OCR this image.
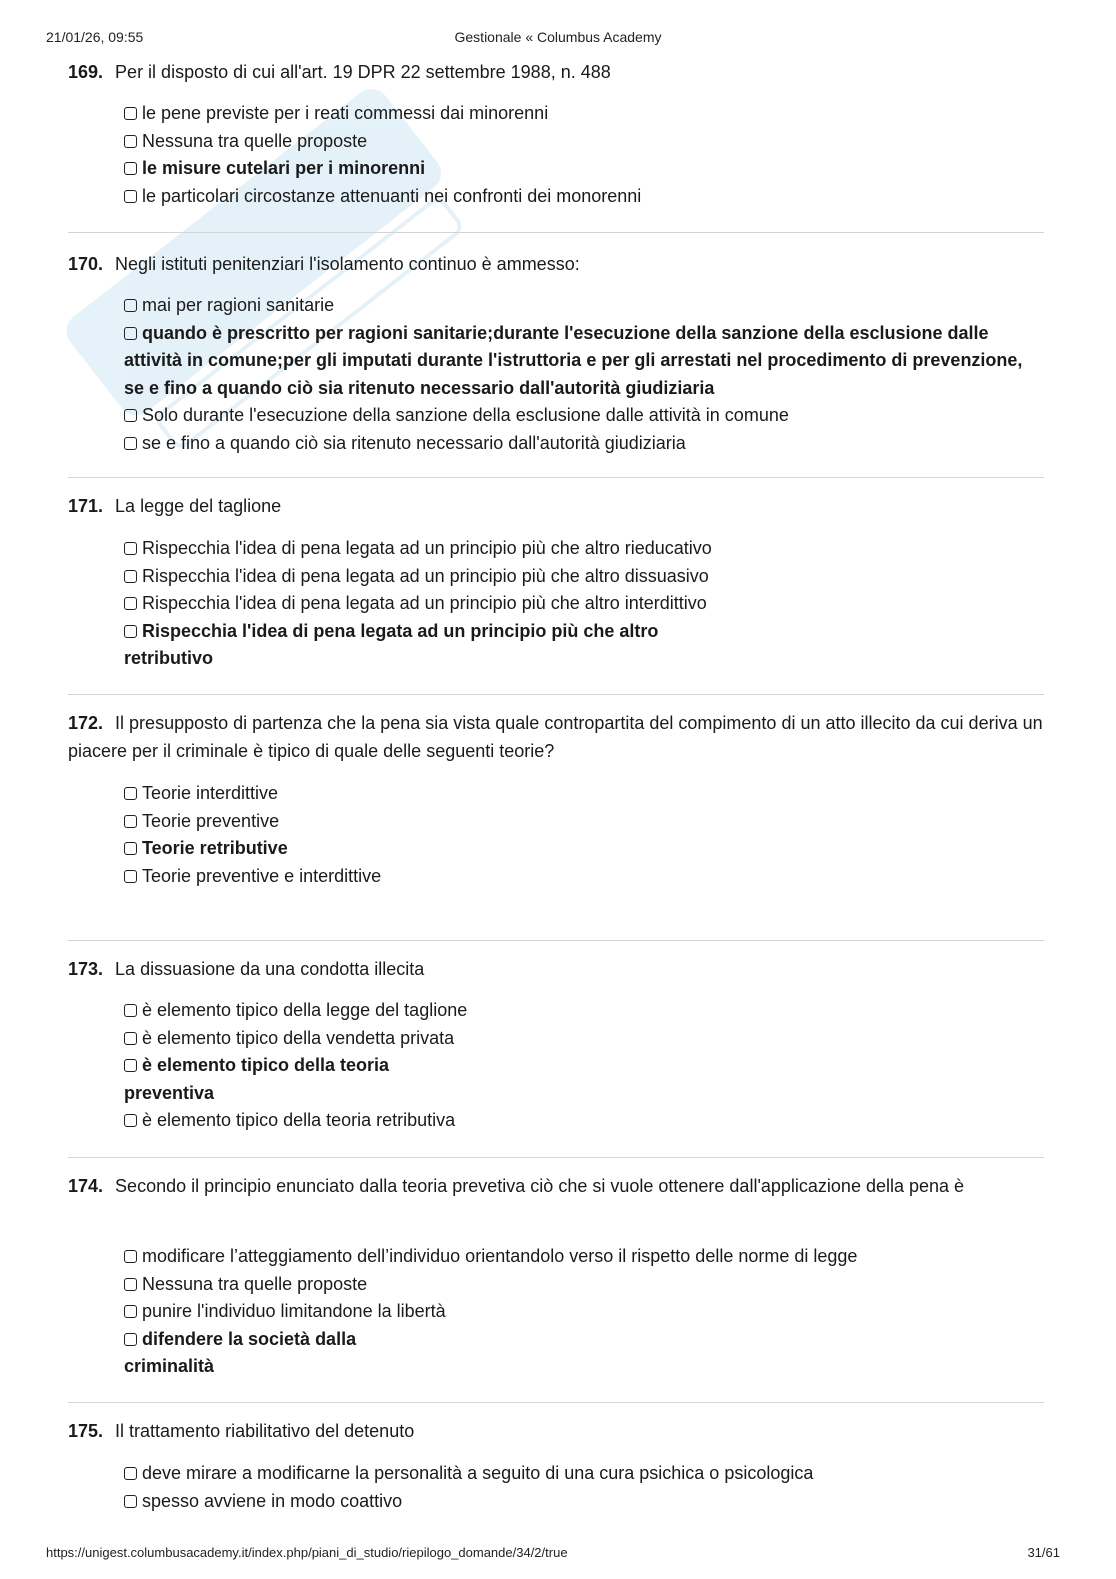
21/01/26, 09:55	Gestionale « Columbus Academy
169. Per il disposto di cui all'art. 19 DPR 22 settembre 1988, n. 488
le pene previste per i reati commessi dai minorenni
Nessuna tra quelle proposte
le misure cutelari per i minorenni
le particolari circostanze attenuanti nei confronti dei monorenni
170. Negli istituti penitenziari l'isolamento continuo è ammesso:
mai per ragioni sanitarie
quando è prescritto per ragioni sanitarie;durante l'esecuzione della sanzione della esclusione dalle attività in comune;per gli imputati durante l'istruttoria e per gli arrestati nel procedimento di prevenzione, se e fino a quando ciò sia ritenuto necessario dall'autorità giudiziaria
Solo durante l'esecuzione della sanzione della esclusione dalle attività in comune
se e fino a quando ciò sia ritenuto necessario dall'autorità giudiziaria
171. La legge del taglione
Rispecchia l'idea di pena legata ad un principio più che altro rieducativo
Rispecchia l'idea di pena legata ad un principio più che altro dissuasivo
Rispecchia l'idea di pena legata ad un principio più che altro interdittivo
Rispecchia l'idea di pena legata ad un principio più che altro retributivo
172. Il presupposto di partenza che la pena sia vista quale contropartita del compimento di un atto illecito da cui deriva un piacere per il criminale è tipico di quale delle seguenti teorie?
Teorie interdittive
Teorie preventive
Teorie retributive
Teorie preventive e interdittive
173. La dissuasione da una condotta illecita
è elemento tipico della legge del taglione
è elemento tipico della vendetta privata
è elemento tipico della teoria preventiva
è elemento tipico della teoria retributiva
174. Secondo il principio enunciato dalla teoria prevetiva ciò che si vuole ottenere dall'applicazione della pena è
modificare l’atteggiamento dell’individuo orientandolo verso il rispetto delle norme di legge
Nessuna tra quelle proposte
punire l'individuo limitandone la libertà
difendere la società dalla criminalità
175. Il trattamento riabilitativo del detenuto
deve mirare a modificarne la personalità a seguito di una cura psichica o psicologica
spesso avviene in modo coattivo
https://unigest.columbusacademy.it/index.php/piani_di_studio/riepilogo_domande/34/2/true	31/61
